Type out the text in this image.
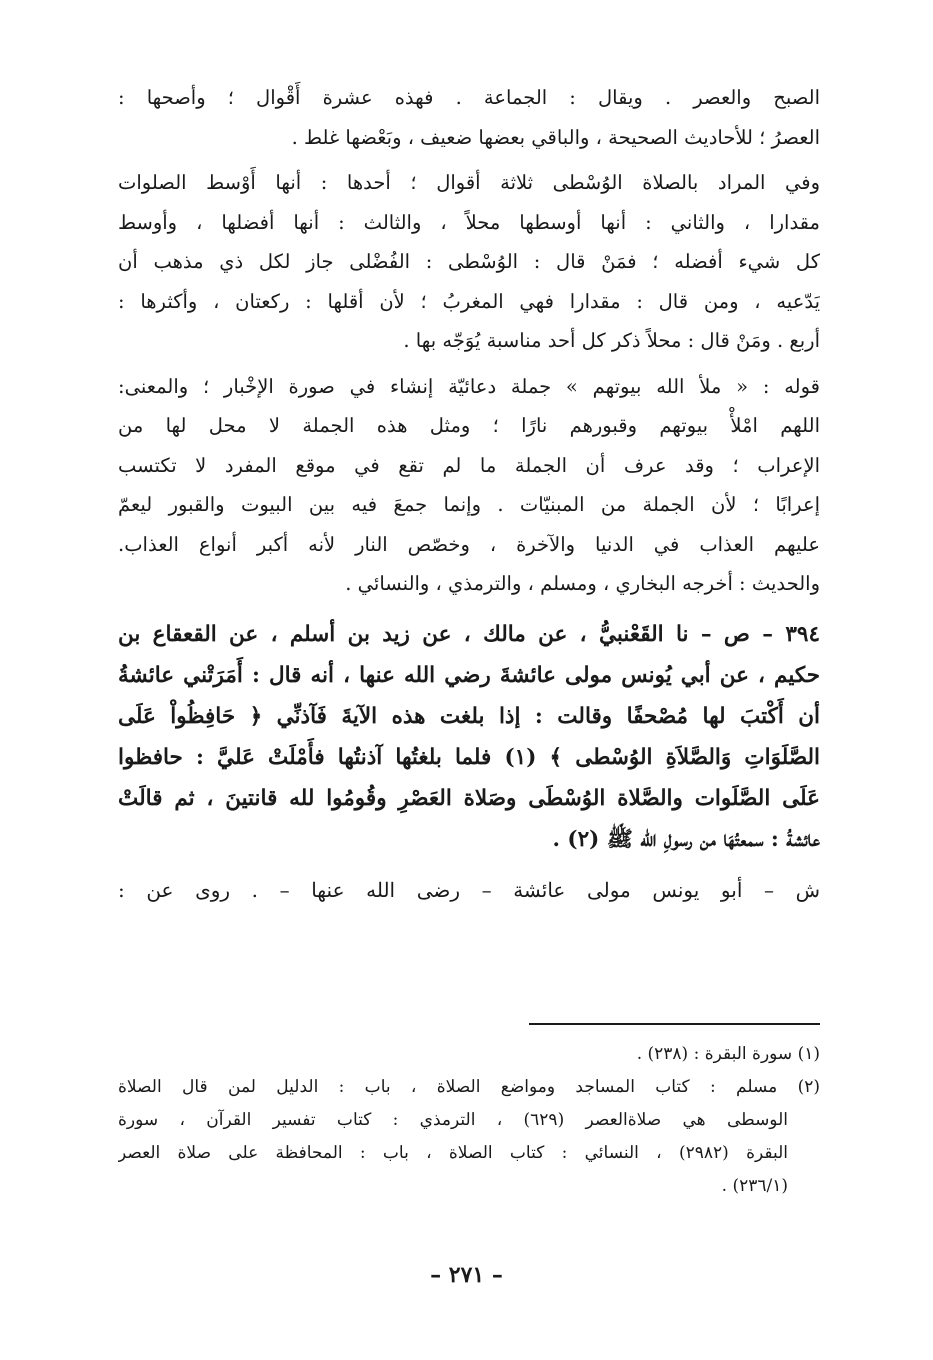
الصبح والعصر . ويقال : الجماعة . فهذه عشرة أَقْوال ؛ وأصحها :
العصرُ ؛ للأحاديث الصحيحة ، والباقي بعضها ضعيف ، وبَعْضها غلط .
وفي المراد بالصلاة الوُسْطى ثلاثة أقوال ؛ أحدها : أنها أَوْسط الصلوات
مقدارا ، والثاني : أنها أوسطها محلاً ، والثالث : أنها أفضلها ، وأوسط
كل شيء أفضله ؛ فمَنْ قال : الوُسْطى : الفُضْلى جاز لكل ذي مذهب أن
يَدّعيه ، ومن قال : مقدارا فهي المغربُ ؛ لأن أقلها : ركعتان ، وأكثرها :
أربع . ومَنْ قال : محلاً ذكر كل أحد مناسبة يُوَجّه بها .
قوله : « ملأ الله بيوتهم » جملة دعائيّة إنشاء في صورة الإخْبار ؛ والمعنى:
اللهم امْلأْ بيوتهم وقبورهم نارًا ؛ ومثل هذه الجملة لا محل لها من
الإعراب ؛ وقد عرف أن الجملة ما لم تقع في موقع المفرد لا تكتسب
إعرابًا ؛ لأن الجملة من المبنيّات . وإنما جمعَ فيه بين البيوت والقبور ليعمّ
عليهم العذاب في الدنيا والآخرة ، وخصّص النار لأنه أكبر أنواع العذاب.
والحديث : أخرجه البخاري ، ومسلم ، والترمذي ، والنسائي .
٣٩٤ – ص – نا القَعْنبيُّ ، عن مالك ، عن زيد بن أسلم ، عن القعقاع بن
حكيم ، عن أبي يُونس مولى عائشةَ رضي الله عنها ، أنه قال : أَمَرَتْني عائشةُ
أن أَكْتبَ لها مُصْحفًا وقالت : إذا بلغت هذه الآيةَ فَآذنِّي ﴿ حَافِظُواْ عَلَى
الصَّلَوَاتِ وَالصَّلاَةِ الوُسْطى ﴾ (١) فلما بلغتُها آذنتُها فأَمْلَتْ عَليَّ : حافظوا
عَلَى الصَّلَوات والصَّلاة الوُسْطَى وصَلاة العَصْرِ وقُومُوا لله قانتينَ ، ثم قالَتْ
عائشةُ : سمعتُهَا من رسولِ الله ﷺ (٢) .
ش – أبو يونس مولى عائشة – رضى الله عنها – . روى عن :
(١) سورة البقرة : (٢٣٨) .
(٢) مسلم : كتاب المساجد ومواضع الصلاة ، باب : الدليل لمن قال الصلاة
الوسطى هي صلاةالعصر (٦٢٩) ، الترمذي : كتاب تفسير القرآن ، سورة
البقرة (٢٩٨٢) ، النسائي : كتاب الصلاة ، باب : المحافظة على صلاة العصر
(٢٣٦/١) .
– ٢٧١ –
